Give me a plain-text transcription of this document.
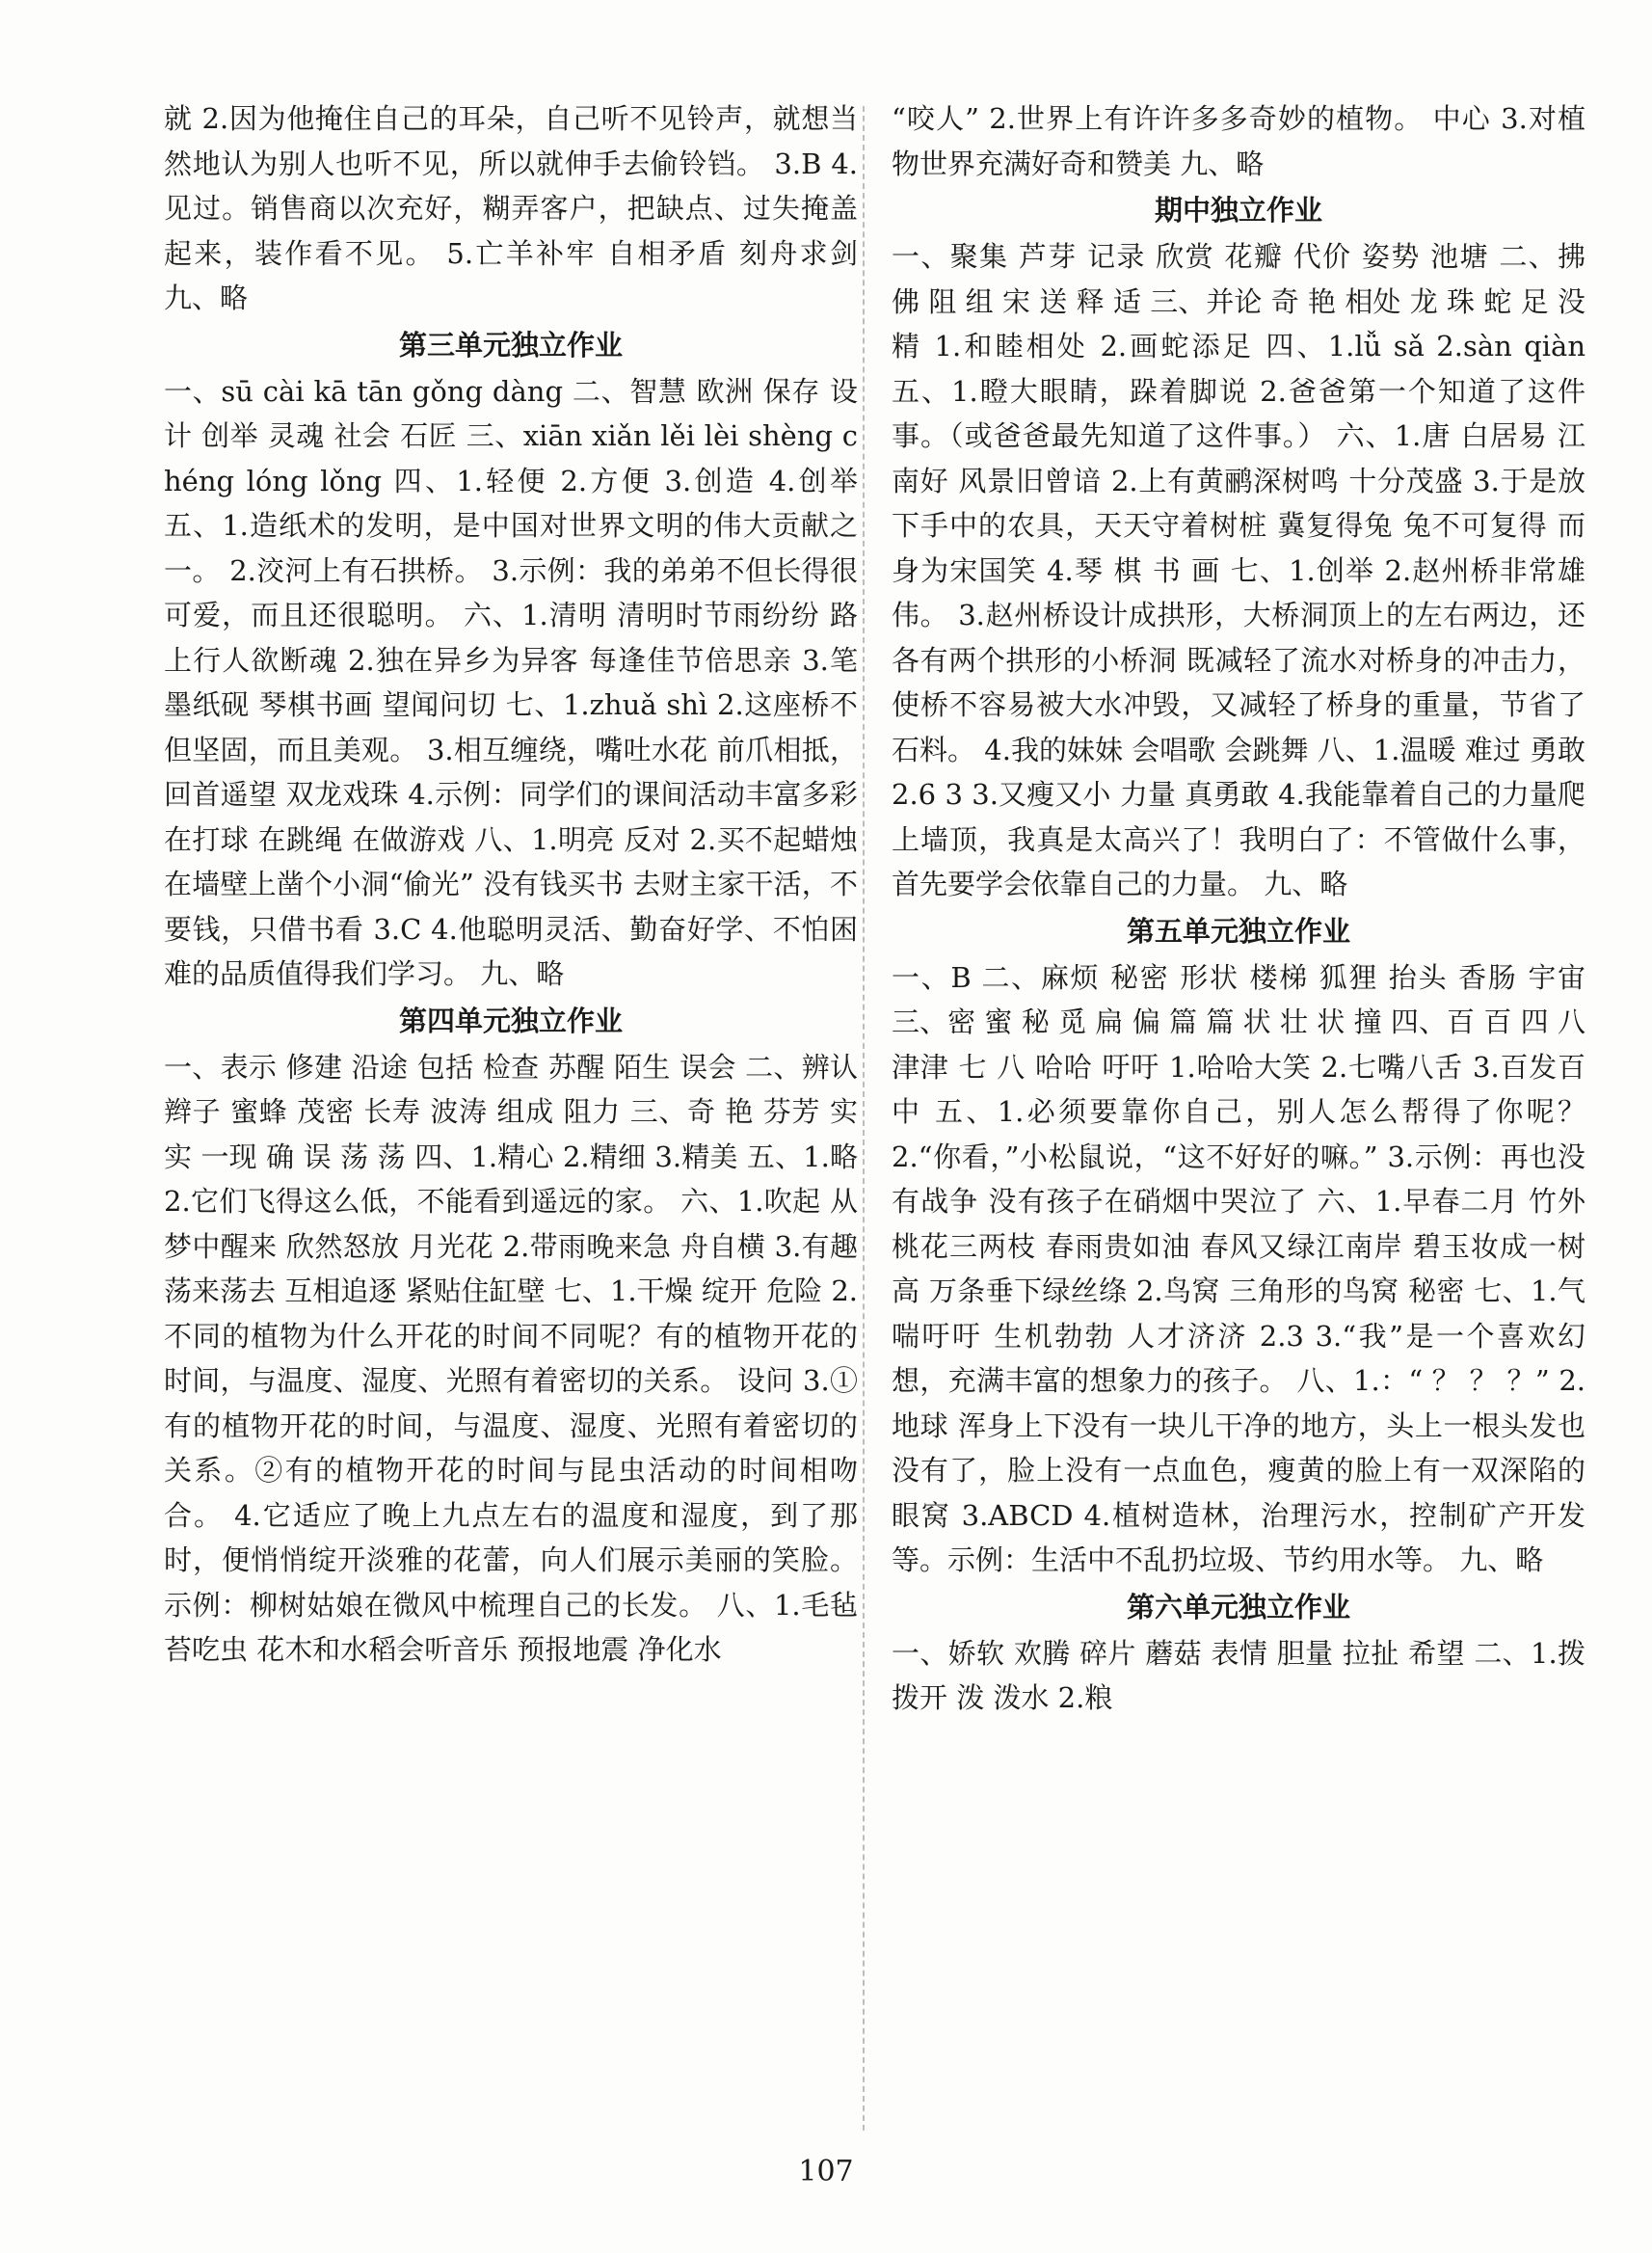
就 2.因为他掩住自己的耳朵，自己听不见铃声，就想当然地认为别人也听不见，所以就伸手去偷铃铛。 3.B 4.见过。销售商以次充好，糊弄客户，把缺点、过失掩盖起来，装作看不见。 5.亡羊补牢 自相矛盾 刻舟求剑 九、略

第三单元独立作业

一、sū cài kā tān gǒng dàng 二、智慧 欧洲 保存 设计 创举 灵魂 社会 石匠 三、xiān xiǎn lěi lèi shèng chéng lóng lǒng 四、1.轻便 2.方便 3.创造 4.创举 五、1.造纸术的发明，是中国对世界文明的伟大贡献之一。 2.洨河上有石拱桥。 3.示例：我的弟弟不但长得很可爱，而且还很聪明。 六、1.清明 清明时节雨纷纷 路上行人欲断魂 2.独在异乡为异客 每逢佳节倍思亲 3.笔墨纸砚 琴棋书画 望闻问切 七、1.zhuǎ shì 2.这座桥不但坚固，而且美观。 3.相互缠绕，嘴吐水花 前爪相抵，回首遥望 双龙戏珠 4.示例：同学们的课间活动丰富多彩 在打球 在跳绳 在做游戏 八、1.明亮 反对 2.买不起蜡烛 在墙壁上凿个小洞“偷光” 没有钱买书 去财主家干活，不要钱，只借书看 3.C 4.他聪明灵活、勤奋好学、不怕困难的品质值得我们学习。 九、略

第四单元独立作业

一、表示 修建 沿途 包括 检查 苏醒 陌生 误会 二、辨认 辫子 蜜蜂 茂密 长寿 波涛 组成 阻力 三、奇 艳 芬芳 实实 一现 确 误 荡 荡 四、1.精心 2.精细 3.精美 五、1.略 2.它们飞得这么低，不能看到遥远的家。 六、1.吹起 从梦中醒来 欣然怒放 月光花 2.带雨晚来急 舟自横 3.有趣 荡来荡去 互相追逐 紧贴住缸壁 七、1.干燥 绽开 危险 2.不同的植物为什么开花的时间不同呢？有的植物开花的时间，与温度、湿度、光照有着密切的关系。 设问 3.①有的植物开花的时间，与温度、湿度、光照有着密切的关系。②有的植物开花的时间与昆虫活动的时间相吻合。 4.它适应了晚上九点左右的温度和湿度，到了那时，便悄悄绽开淡雅的花蕾，向人们展示美丽的笑脸。 示例：柳树姑娘在微风中梳理自己的长发。 八、1.毛毡苔吃虫 花木和水稻会听音乐 预报地震 净化水

“咬人” 2.世界上有许许多多奇妙的植物。 中心 3.对植物世界充满好奇和赞美 九、略

期中独立作业

一、聚集 芦芽 记录 欣赏 花瓣 代价 姿势 池塘 二、拂 佛 阻 组 宋 送 释 适 三、并论 奇 艳 相处 龙 珠 蛇 足 没精 1.和睦相处 2.画蛇添足 四、1.lǚ sǎ 2.sàn qiàn 五、1.瞪大眼睛，跺着脚说 2.爸爸第一个知道了这件事。（或爸爸最先知道了这件事。） 六、1.唐 白居易 江南好 风景旧曾谙 2.上有黄鹂深树鸣 十分茂盛 3.于是放下手中的农具，天天守着树桩 冀复得兔 兔不可复得 而身为宋国笑 4.琴 棋 书 画 七、1.创举 2.赵州桥非常雄伟。 3.赵州桥设计成拱形，大桥洞顶上的左右两边，还各有两个拱形的小桥洞 既减轻了流水对桥身的冲击力，使桥不容易被大水冲毁，又减轻了桥身的重量，节省了石料。 4.我的妹妹 会唱歌 会跳舞 八、1.温暖 难过 勇敢 2.6 3 3.又瘦又小 力量 真勇敢 4.我能靠着自己的力量爬上墙顶，我真是太高兴了！我明白了：不管做什么事，首先要学会依靠自己的力量。 九、略

第五单元独立作业

一、B 二、麻烦 秘密 形状 楼梯 狐狸 抬头 香肠 宇宙 三、密 蜜 秘 觅 扁 偏 篇 篇 状 壮 状 撞 四、百 百 四 八 津津 七 八 哈哈 吁吁 1.哈哈大笑 2.七嘴八舌 3.百发百中 五、1.必须要靠你自己，别人怎么帮得了你呢？ 2.“你看，”小松鼠说，“这不好好的嘛。” 3.示例：再也没有战争 没有孩子在硝烟中哭泣了 六、1.早春二月 竹外桃花三两枝 春雨贵如油 春风又绿江南岸 碧玉妆成一树高 万条垂下绿丝绦 2.鸟窝 三角形的鸟窝 秘密 七、1.气喘吁吁 生机勃勃 人才济济 2.3 3.“我”是一个喜欢幻想，充满丰富的想象力的孩子。 八、1.：“ ？ ？ ？” 2.地球 浑身上下没有一块儿干净的地方，头上一根头发也没有了，脸上没有一点血色，瘦黄的脸上有一双深陷的眼窝 3.ABCD 4.植树造林，治理污水，控制矿产开发等。示例：生活中不乱扔垃圾、节约用水等。 九、略

第六单元独立作业

一、娇软 欢腾 碎片 蘑菇 表情 胆量 拉扯 希望 二、1.拨 拨开 泼 泼水 2.粮

107
